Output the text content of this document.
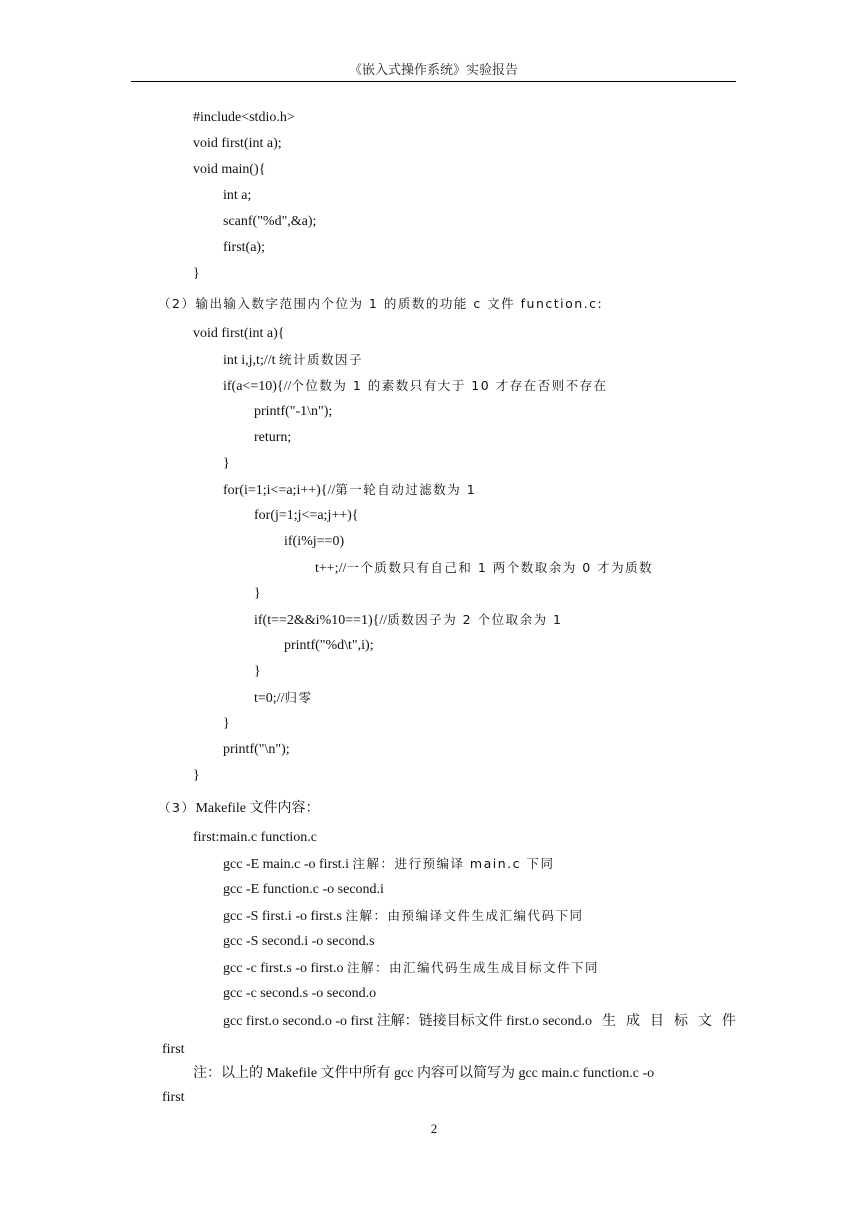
《嵌入式操作系统》实验报告
#include<stdio.h>
void first(int a);
void main(){
int a;
scanf("%d",&a);
first(a);
}
（2）输出输入数字范围内个位为 1 的质数的功能 c 文件 function.c:
void first(int a){
int i,j,t;//t 统计质数因子
if(a<=10){//个位数为 1 的素数只有大于 10 才存在否则不存在
printf("-1\n");
return;
}
for(i=1;i<=a;i++){//第一轮自动过滤数为 1
for(j=1;j<=a;j++){
if(i%j==0)
t++;//一个质数只有自己和 1 两个数取余为 0 才为质数
}
if(t==2&&i%10==1){//质数因子为 2 个位取余为 1
printf("%d\t",i);
}
t=0;//归零
}
printf("\n");
}
（3）Makefile 文件内容：
first:main.c function.c
gcc -E main.c -o first.i 注解：进行预编译 main.c 下同
gcc -E function.c -o second.i
gcc -S first.i -o first.s 注解：由预编译文件生成汇编代码下同
gcc -S second.i -o second.s
gcc -c first.s -o first.o 注解：由汇编代码生成生成目标文件下同
gcc -c second.s -o second.o
gcc first.o second.o -o first 注解：链接目标文件 first.o second.o 生 成 目 标 文 件
first
注：以上的 Makefile 文件中所有 gcc 内容可以简写为 gcc main.c function.c -o
first
2
